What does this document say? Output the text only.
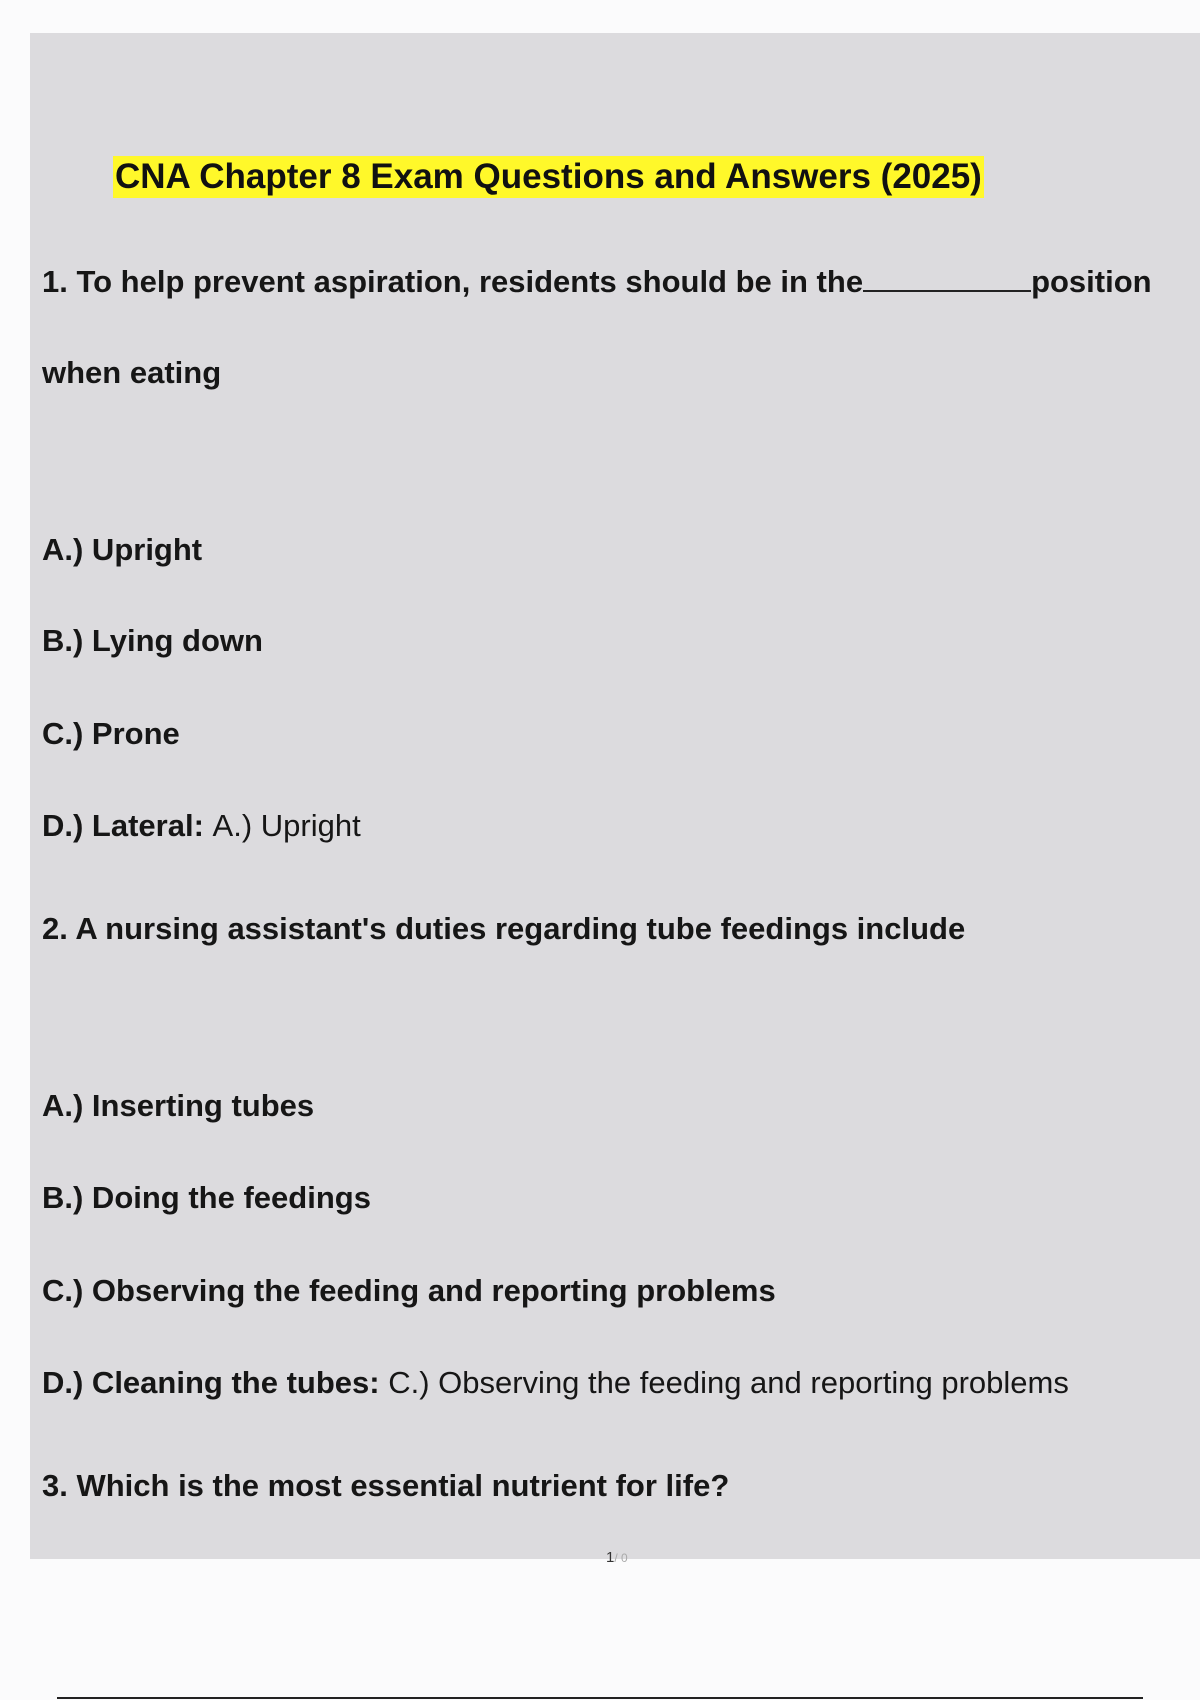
CNA Chapter 8 Exam Questions and Answers (2025)

1. To help prevent aspiration, residents should be in the	position

when eating

A.) Upright

B.) Lying down

C.) Prone

D.) Lateral: A.) Upright

2. A nursing assistant's duties regarding tube feedings include

A.) Inserting tubes

B.) Doing the feedings

C.) Observing the feeding and reporting problems

D.) Cleaning the tubes: C.) Observing the feeding and reporting problems

3. Which is the most essential nutrient for life?

1/ 0
